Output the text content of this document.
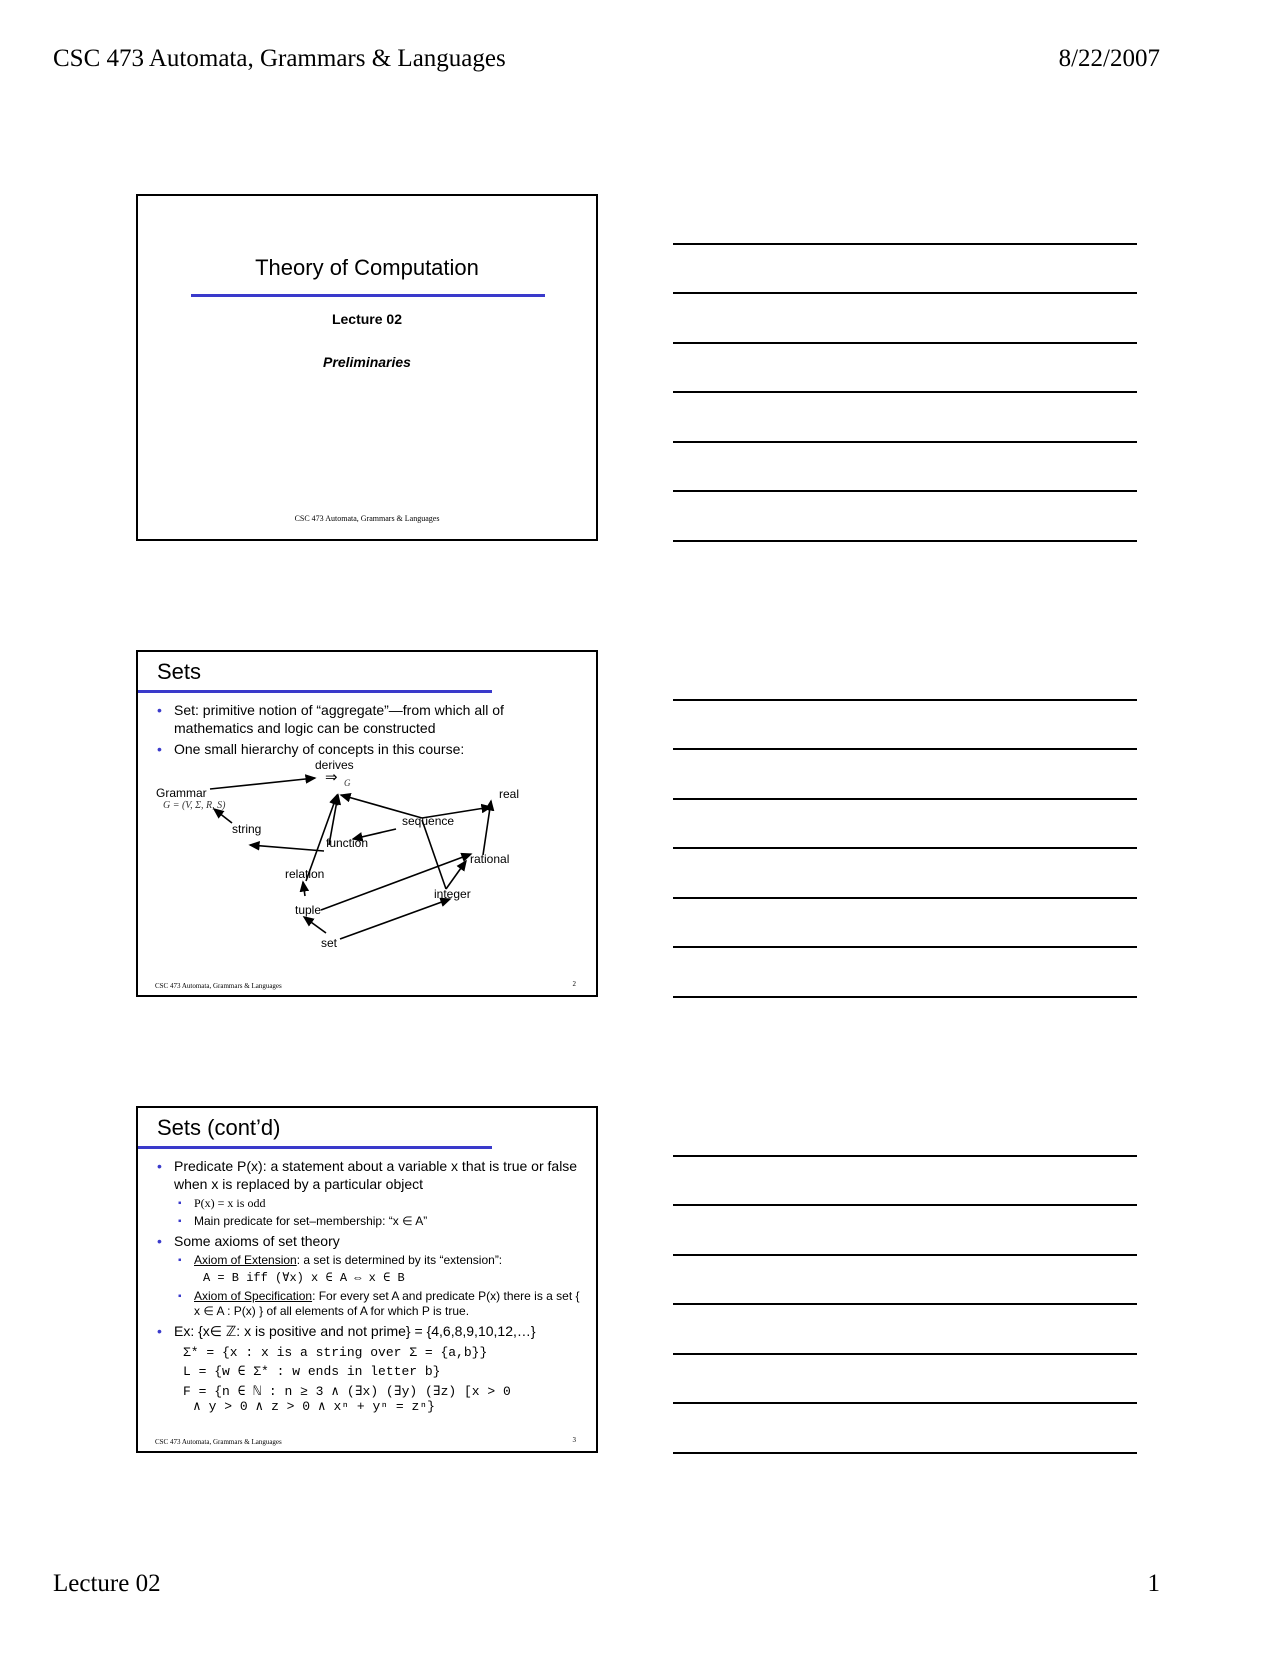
CSC 473 Automata, Grammars & Languages	8/22/2007
Theory of Computation
Lecture 02
Preliminaries
CSC 473 Automata, Grammars & Languages
Sets
• Set: primitive notion of “aggregate”—from which all of mathematics and logic can be constructed
• One small hierarchy of concepts in this course:
derives
⇒ G
Grammar
G = (V, Σ, R, S)
real
sequence
string
function
rational
relation
integer
tuple
set
CSC 473 Automata, Grammars & Languages	2
Sets (cont’d)
• Predicate P(x): a statement about a variable x that is true or false when x is replaced by a particular object
▪ P(x) = x is odd
▪ Main predicate for set–membership: “x ∈ A”
• Some axioms of set theory
▪ Axiom of Extension: a set is determined by its “extension”:
A = B iff (∀x) x ∈ A ⇔ x ∈ B
▪ Axiom of Specification: For every set A and predicate P(x) there is a set { x ∈ A : P(x) } of all elements of A for which P is true.
• Ex: {x∈ ℤ: x is positive and not prime} = {4,6,8,9,10,12,…}
Σ* = {x : x is a string over Σ = {a,b}}
L = {w ∈ Σ* : w ends in letter b}
F = {n ∈ ℕ : n ≥ 3 ∧ (∃x) (∃y) (∃z) [x > 0
∧ y > 0 ∧ z > 0 ∧ xⁿ + yⁿ = zⁿ}
CSC 473 Automata, Grammars & Languages	3
Lecture 02	1
